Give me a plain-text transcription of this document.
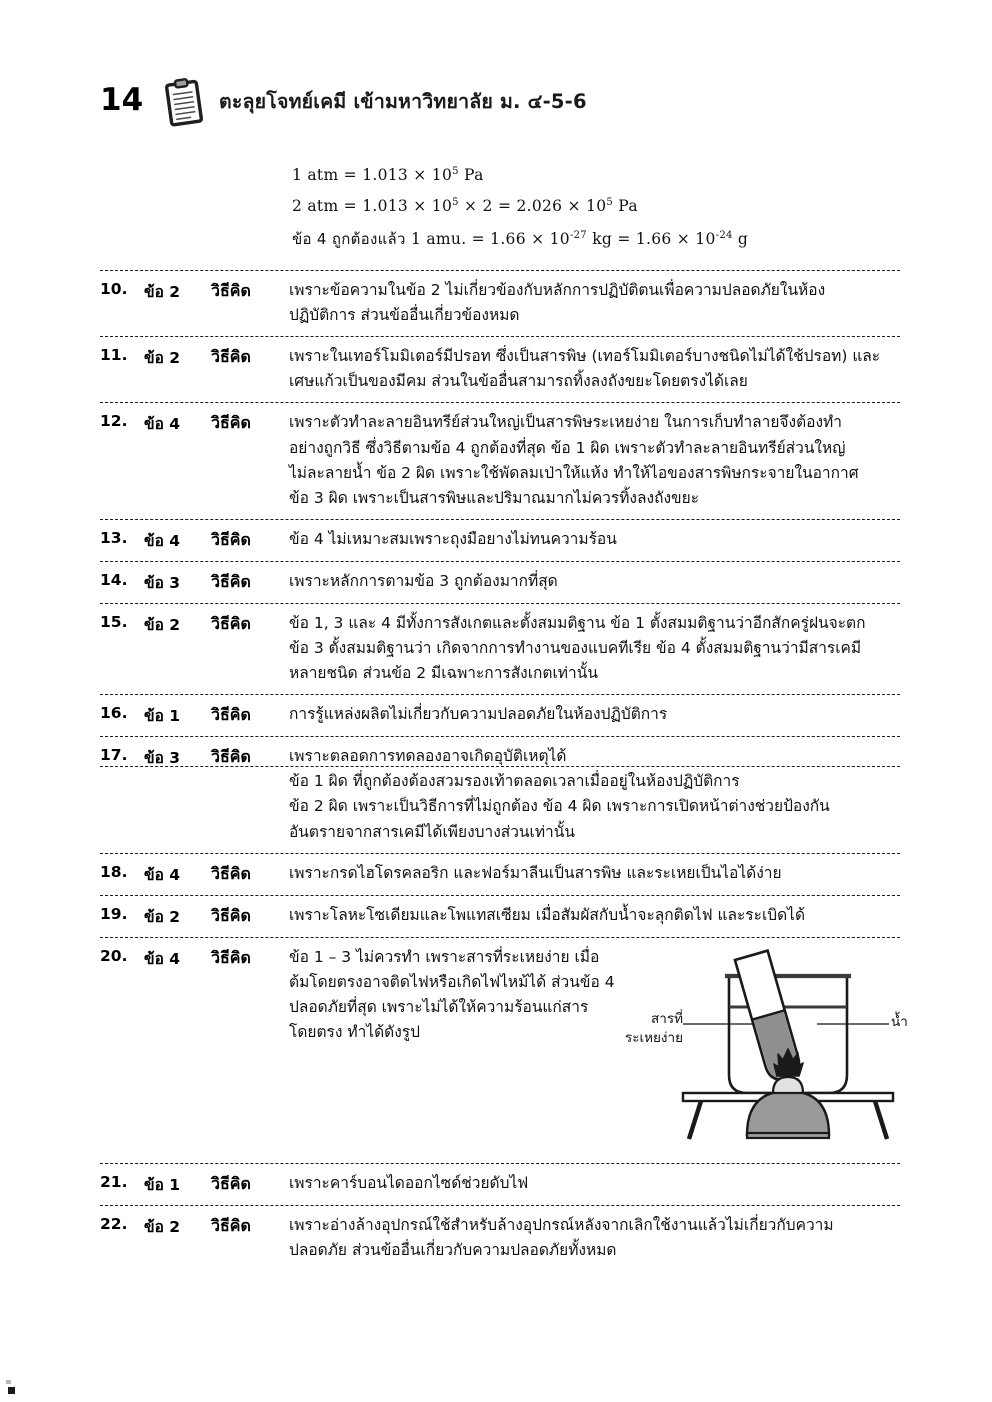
14	ตะลุยโจทย์เคมี เข้ามหาวิทยาลัย ม. ๔-5-6
1 atm = $1.013 \times 10^5$ Pa
2 atm = $1.013 \times 10^5 \times 2 = 2.026 \times 10^5$ Pa
ข้อ 4 ถูกต้องแล้ว 1 amu. = $1.66 \times 10^{-27}$ kg = $1.66 \times 10^{-24}$ g
10.	ข้อ 2	วิธีคิด	เพราะข้อความในข้อ 2 ไม่เกี่ยวข้องกับหลักการปฏิบัติตนเพื่อความปลอดภัยในห้อง
ปฏิบัติการ ส่วนข้ออื่นเกี่ยวข้องหมด
11.	ข้อ 2	วิธีคิด	เพราะในเทอร์โมมิเตอร์มีปรอท ซึ่งเป็นสารพิษ (เทอร์โมมิเตอร์บางชนิดไม่ได้ใช้ปรอท) และ
เศษแก้วเป็นของมีคม ส่วนในข้ออื่นสามารถทิ้งลงถังขยะโดยตรงได้เลย
12.	ข้อ 4	วิธีคิด	เพราะตัวทำละลายอินทรีย์ส่วนใหญ่เป็นสารพิษระเหยง่าย ในการเก็บทำลายจึงต้องทำ
อย่างถูกวิธี ซึ่งวิธีตามข้อ 4 ถูกต้องที่สุด ข้อ 1 ผิด เพราะตัวทำละลายอินทรีย์ส่วนใหญ่
ไม่ละลายน้ำ ข้อ 2 ผิด เพราะใช้พัดลมเป่าให้แห้ง ทำให้ไอของสารพิษกระจายในอากาศ
ข้อ 3 ผิด เพราะเป็นสารพิษและปริมาณมากไม่ควรทิ้งลงถังขยะ
13.	ข้อ 4	วิธีคิด	ข้อ 4 ไม่เหมาะสมเพราะถุงมือยางไม่ทนความร้อน
14.	ข้อ 3	วิธีคิด	เพราะหลักการตามข้อ 3 ถูกต้องมากที่สุด
15.	ข้อ 2	วิธีคิด	ข้อ 1, 3 และ 4 มีทั้งการสังเกตและตั้งสมมติฐาน ข้อ 1 ตั้งสมมติฐานว่าอีกสักครู่ฝนจะตก
ข้อ 3 ตั้งสมมติฐานว่า เกิดจากการทำงานของแบคทีเรีย ข้อ 4 ตั้งสมมติฐานว่ามีสารเคมี
หลายชนิด ส่วนข้อ 2 มีเฉพาะการสังเกตเท่านั้น
16.	ข้อ 1	วิธีคิด	การรู้แหล่งผลิตไม่เกี่ยวกับความปลอดภัยในห้องปฏิบัติการ
17.	ข้อ 3	วิธีคิด	เพราะตลอดการทดลองอาจเกิดอุบัติเหตุได้
ข้อ 1 ผิด ที่ถูกต้องต้องสวมรองเท้าตลอดเวลาเมื่ออยู่ในห้องปฏิบัติการ
ข้อ 2 ผิด เพราะเป็นวิธีการที่ไม่ถูกต้อง ข้อ 4 ผิด เพราะการเปิดหน้าต่างช่วยป้องกัน
อันตรายจากสารเคมีได้เพียงบางส่วนเท่านั้น
18.	ข้อ 4	วิธีคิด	เพราะกรดไฮโดรคลอริก และฟอร์มาลีนเป็นสารพิษ และระเหยเป็นไอได้ง่าย
19.	ข้อ 2	วิธีคิด	เพราะโลหะโซเดียมและโพแทสเซียม เมื่อสัมผัสกับน้ำจะลุกติดไฟ และระเบิดได้
20.	ข้อ 4	วิธีคิด	ข้อ 1 – 3 ไม่ควรทำ เพราะสารที่ระเหยง่าย เมื่อ
ต้มโดยตรงอาจติดไฟหรือเกิดไฟไหม้ได้ ส่วนข้อ 4
ปลอดภัยที่สุด เพราะไม่ได้ให้ความร้อนแก่สาร
โดยตรง ทำได้ดังรูป
สารที่
ระเหยง่าย
น้ำ
21.	ข้อ 1	วิธีคิด	เพราะคาร์บอนไดออกไซด์ช่วยดับไฟ
22.	ข้อ 2	วิธีคิด	เพราะอ่างล้างอุปกรณ์ใช้สำหรับล้างอุปกรณ์หลังจากเลิกใช้งานแล้วไม่เกี่ยวกับความ
ปลอดภัย ส่วนข้ออื่นเกี่ยวกับความปลอดภัยทั้งหมด
